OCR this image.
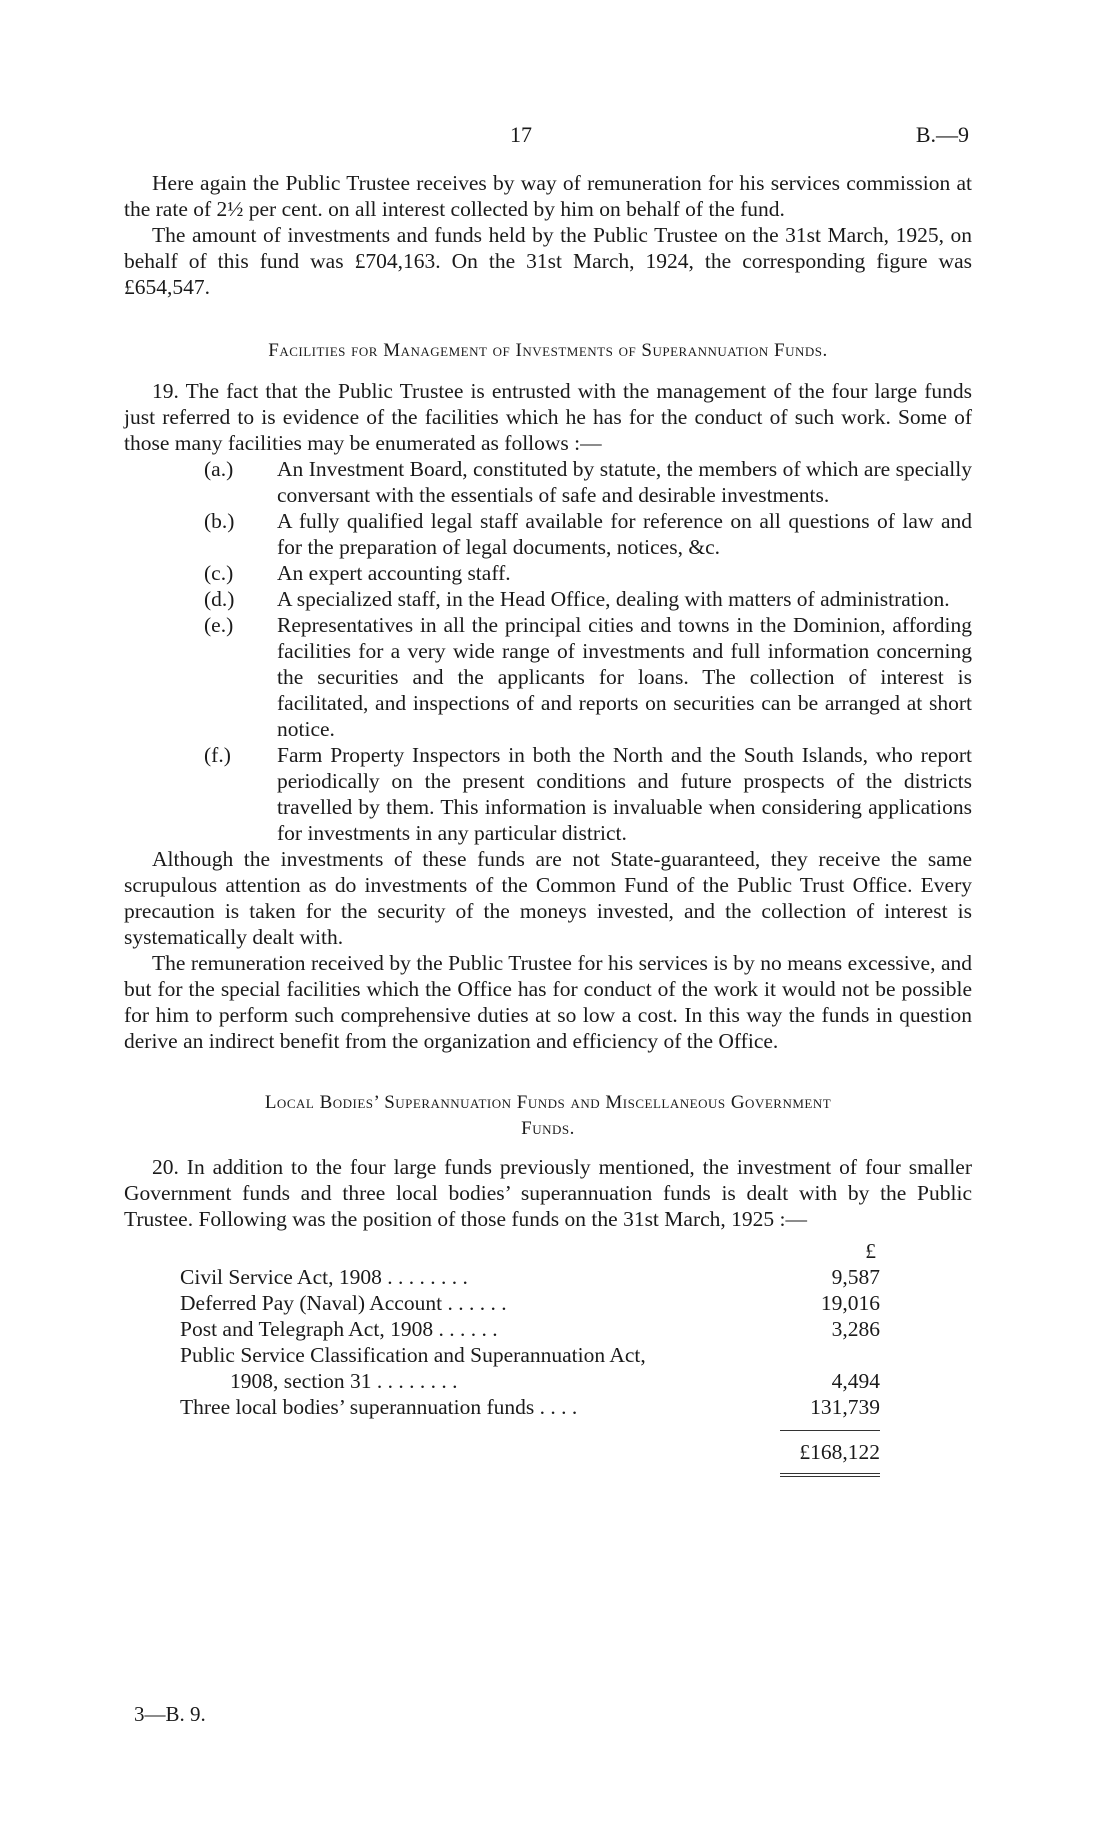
17	B.—9

Here again the Public Trustee receives by way of remuneration for his services commission at the rate of 2½ per cent. on all interest collected by him on behalf of the fund.

The amount of investments and funds held by the Public Trustee on the 31st March, 1925, on behalf of this fund was £704,163. On the 31st March, 1924, the corresponding figure was £654,547.

Facilities for Management of Investments of Superannuation Funds.

19. The fact that the Public Trustee is entrusted with the management of the four large funds just referred to is evidence of the facilities which he has for the conduct of such work. Some of those many facilities may be enumerated as follows :—

(a.) An Investment Board, constituted by statute, the members of which are specially conversant with the essentials of safe and desirable investments.
(b.) A fully qualified legal staff available for reference on all questions of law and for the preparation of legal documents, notices, &c.
(c.) An expert accounting staff.
(d.) A specialized staff, in the Head Office, dealing with matters of administration.
(e.) Representatives in all the principal cities and towns in the Dominion, affording facilities for a very wide range of investments and full information concerning the securities and the applicants for loans. The collection of interest is facilitated, and inspections of and reports on securities can be arranged at short notice.
(f.) Farm Property Inspectors in both the North and the South Islands, who report periodically on the present conditions and future prospects of the districts travelled by them. This information is invaluable when considering applications for investments in any particular district.

Although the investments of these funds are not State-guaranteed, they receive the same scrupulous attention as do investments of the Common Fund of the Public Trust Office. Every precaution is taken for the security of the moneys invested, and the collection of interest is systematically dealt with.

The remuneration received by the Public Trustee for his services is by no means excessive, and but for the special facilities which the Office has for conduct of the work it would not be possible for him to perform such comprehensive duties at so low a cost. In this way the funds in question derive an indirect benefit from the organization and efficiency of the Office.

Local Bodies’ Superannuation Funds and Miscellaneous Government
Funds.

20. In addition to the four large funds previously mentioned, the investment of four smaller Government funds and three local bodies’ superannuation funds is dealt with by the Public Trustee. Following was the position of those funds on the 31st March, 1925 :—

£
Civil Service Act, 1908 . . . . . . . .	9,587
Deferred Pay (Naval) Account . . . . . .	19,016
Post and Telegraph Act, 1908 . . . . . .	3,286
Public Service Classification and Superannuation Act,
1908, section 31 . . . . . . . .	4,494
Three local bodies’ superannuation funds . . . .	131,739
£168,122
3—B. 9.
